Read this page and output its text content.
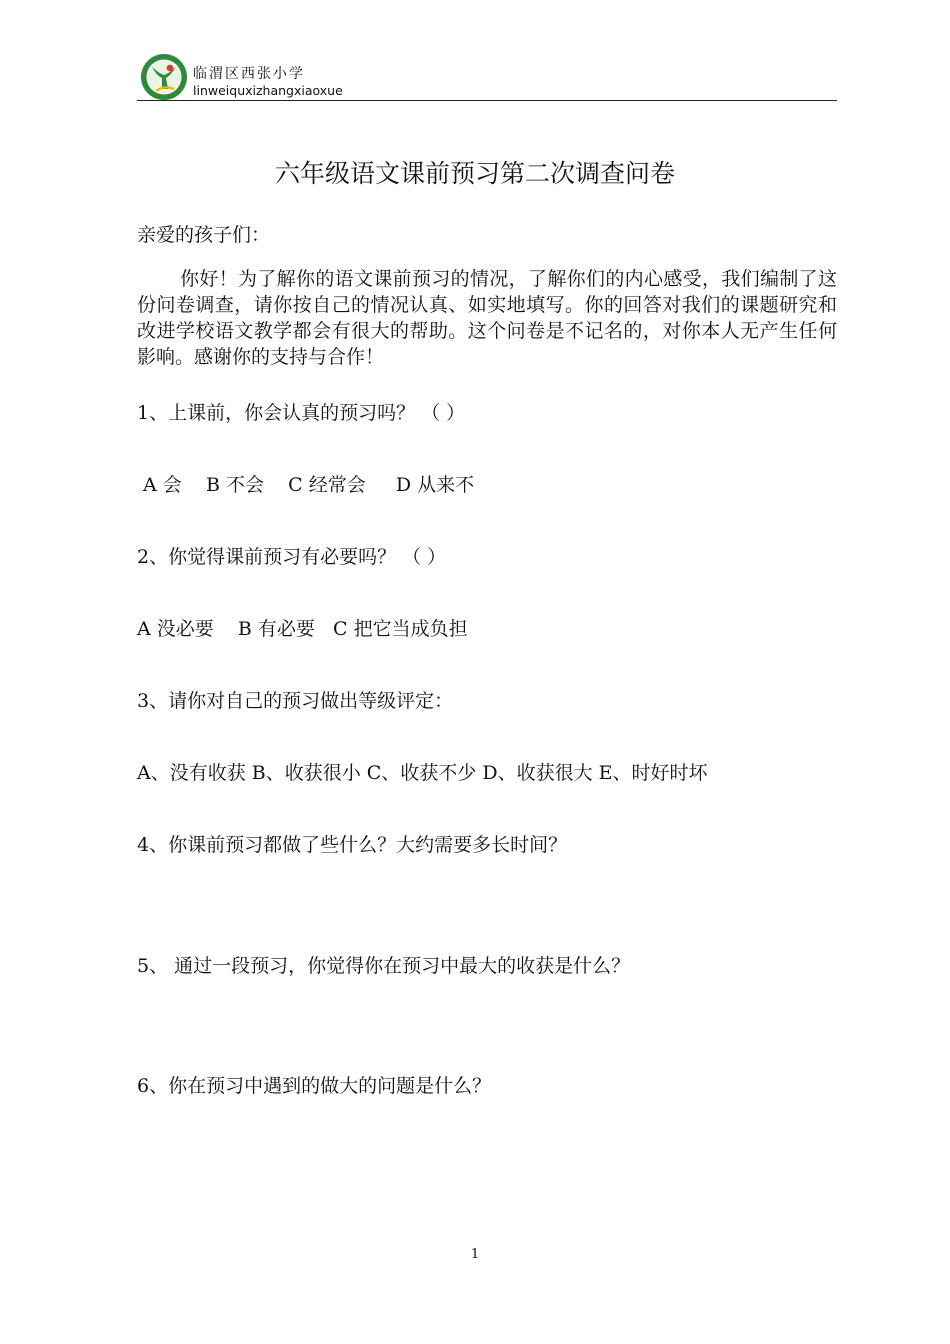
临渭区西张小学
linweiquxizhangxiaoxue
六年级语文课前预习第二次调查问卷
亲爱的孩子们：
你好！为了解你的语文课前预习的情况，了解你们的内心感受，我们编制了这份问卷调查，请你按自己的情况认真、如实地填写。你的回答对我们的课题研究和改进学校语文教学都会有很大的帮助。这个问卷是不记名的，对你本人无产生任何影响。感谢你的支持与合作！
1、上课前，你会认真的预习吗？ （ ）
A 会    B 不会    C 经常会     D 从来不
2、你觉得课前预习有必要吗？ （ ）
A 没必要    B 有必要   C 把它当成负担
3、请你对自己的预习做出等级评定：
A、没有收获 B、收获很小 C、收获不少 D、收获很大 E、时好时坏
4、你课前预习都做了些什么？大约需要多长时间？
5、 通过一段预习，你觉得你在预习中最大的收获是什么？
6、你在预习中遇到的做大的问题是什么？
1
